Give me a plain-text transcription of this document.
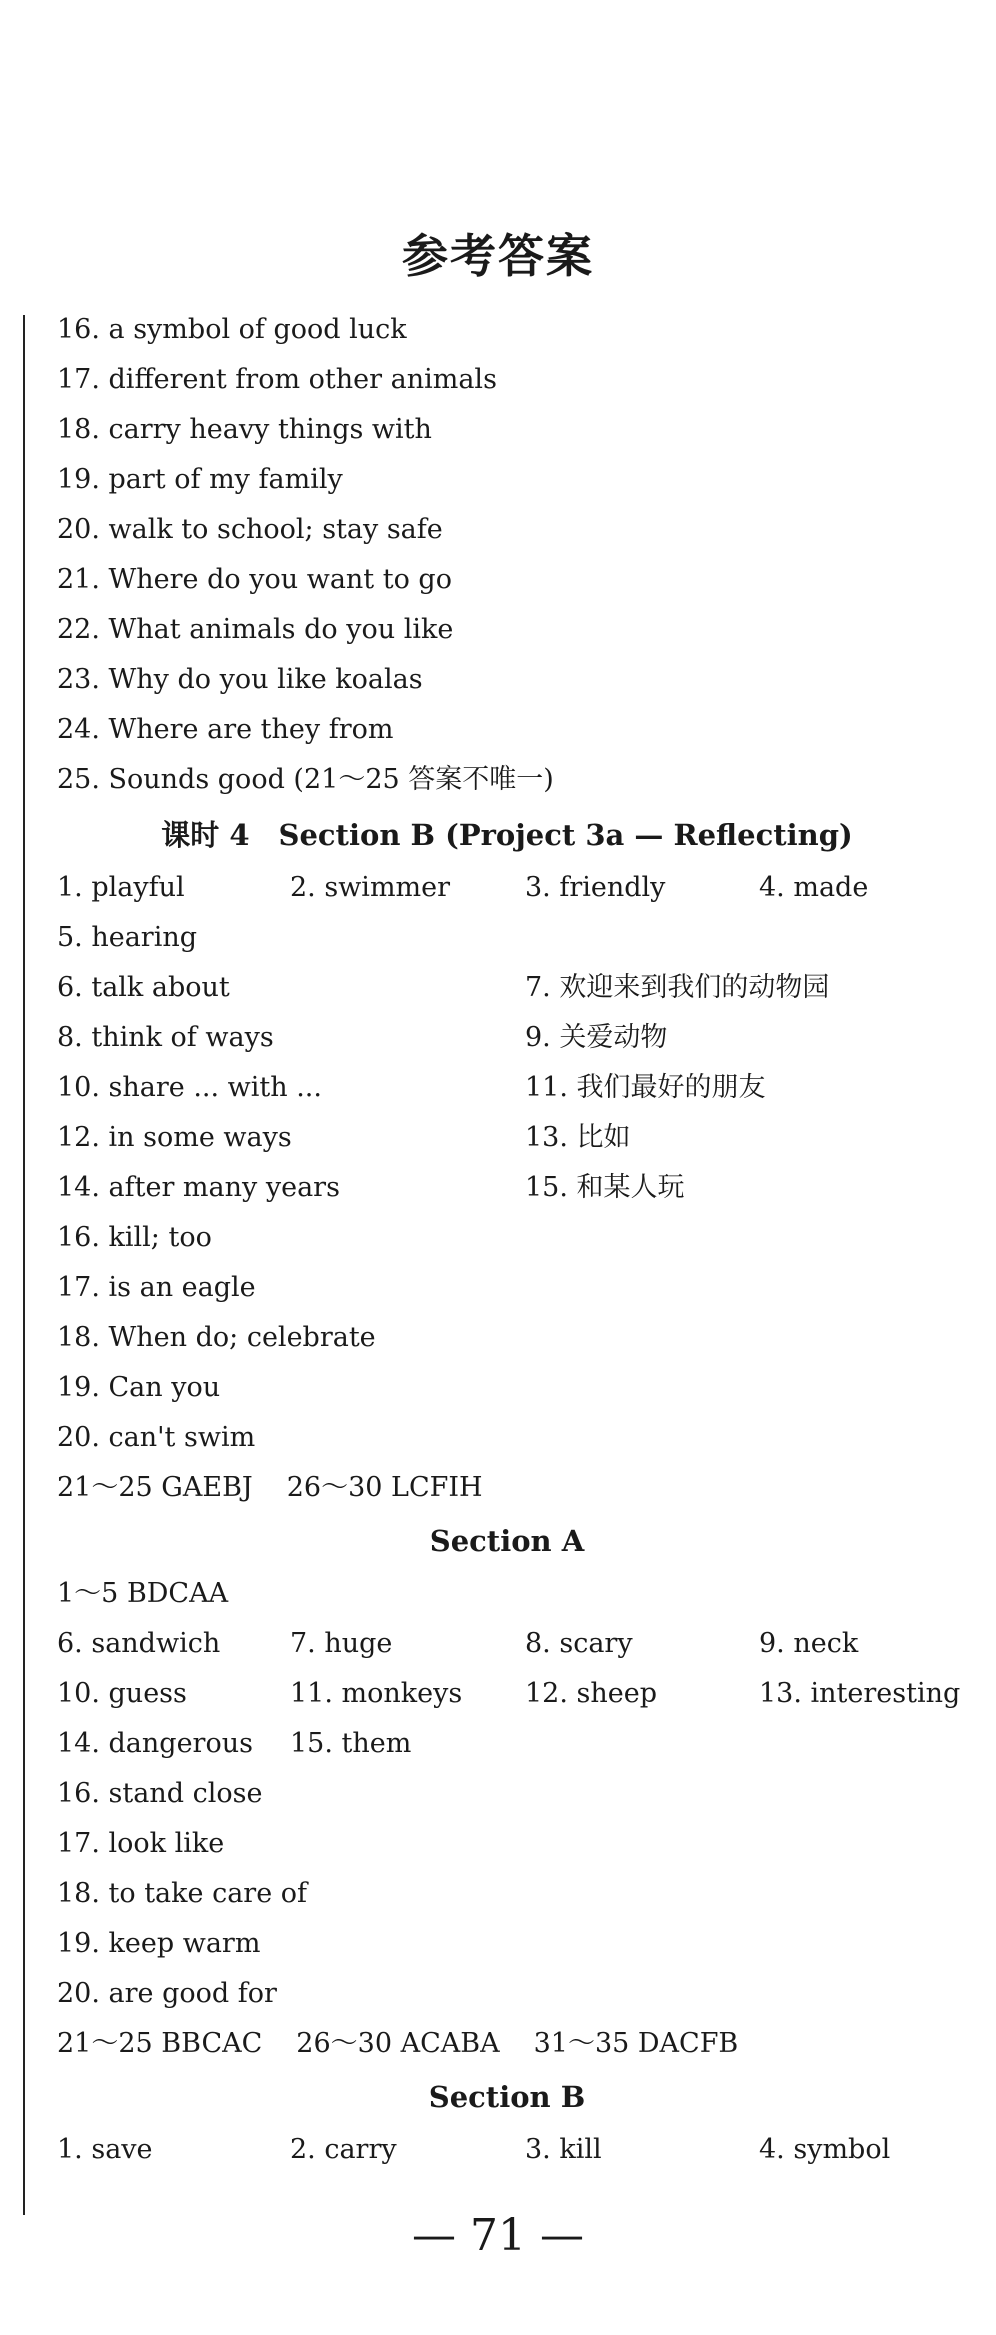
参考答案
16. a symbol of good luck
17. different from other animals
18. carry heavy things with
19. part of my family
20. walk to school; stay safe
21. Where do you want to go
22. What animals do you like
23. Why do you like koalas
24. Where are they from
25. Sounds good (21～25 答案不唯一)
课时 4　Section B (Project 3a — Reflecting)
1. playful	2. swimmer	3. friendly	4. made
5. hearing
6. talk about	7. 欢迎来到我们的动物园
8. think of ways	9. 关爱动物
10. share ... with ...	11. 我们最好的朋友
12. in some ways	13. 比如
14. after many years	15. 和某人玩
16. kill; too
17. is an eagle
18. When do; celebrate
19. Can you
20. can't swim
21～25 GAEBJ 26～30 LCFIH
Section A
1～5 BDCAA
6. sandwich	7. huge	8. scary	9. neck
10. guess	11. monkeys 12. sheep	13. interesting
14. dangerous 15. them
16. stand close
17. look like
18. to take care of
19. keep warm
20. are good for
21～25 BBCAC 26～30 ACABA 31～35 DACFB
Section B
1. save	2. carry	3. kill	4. symbol
— 71 —
